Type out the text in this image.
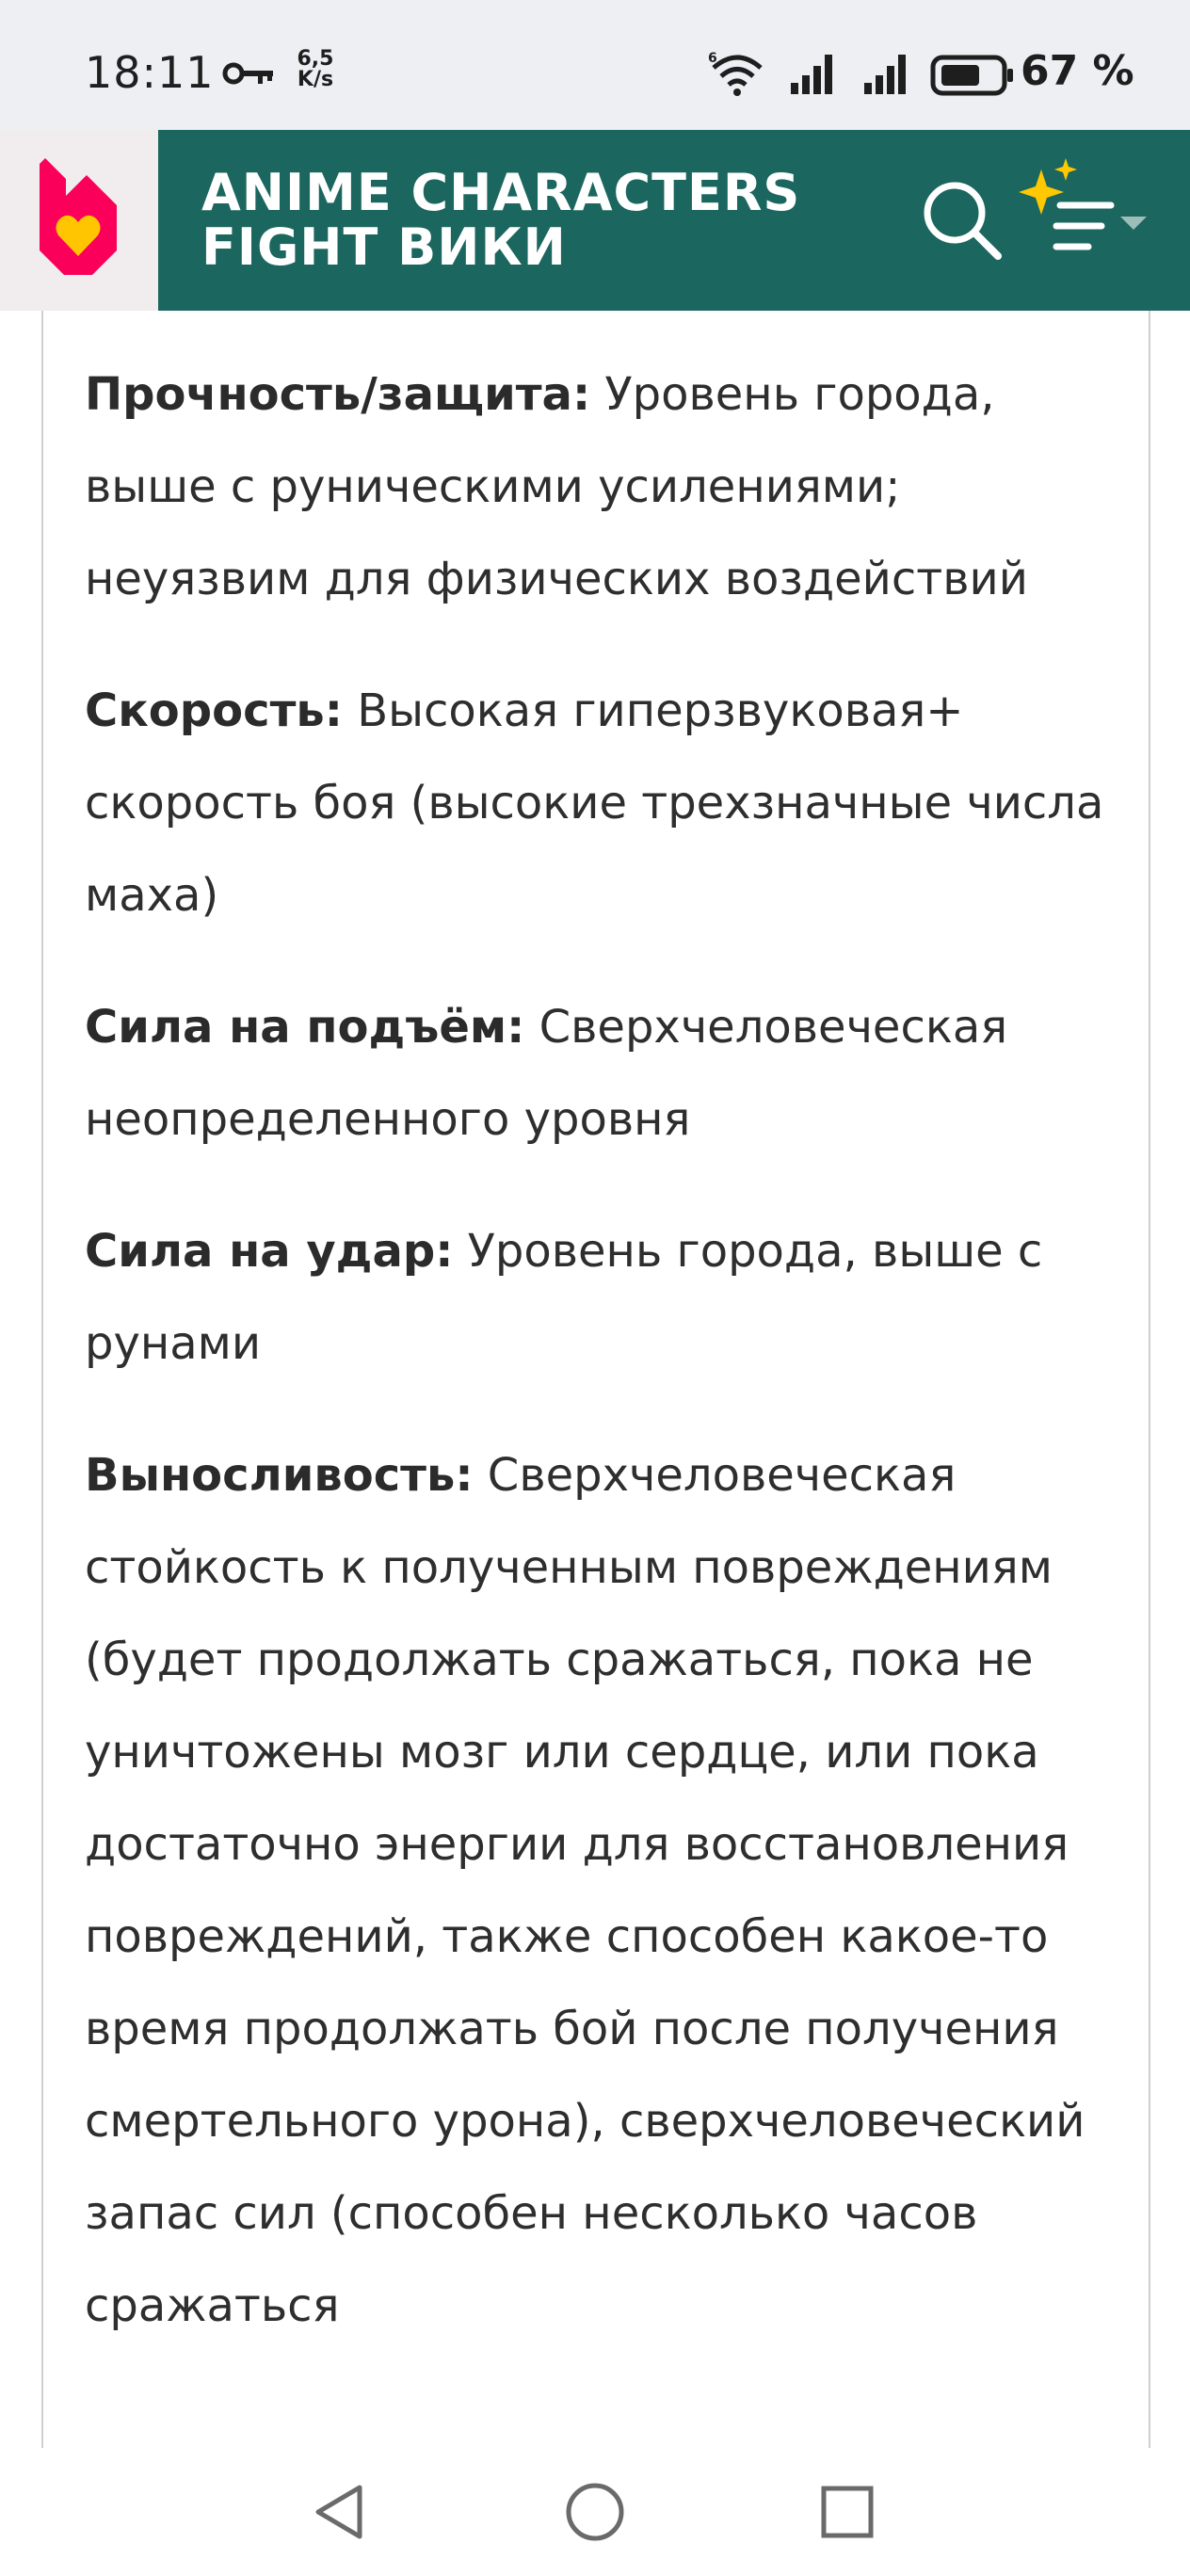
18:11	6,5
K/s
6	67 %
ANIME CHARACTERS
FIGHT ВИКИ

Прочность/защита: Уровень города, выше с руническими усилениями; неуязвим для физических воздействий

Скорость: Высокая гиперзвуковая+ скорость боя (высокие трехзначные числа маха)

Сила на подъём: Сверхчеловеческая неопределенного уровня

Сила на удар: Уровень города, выше с рунами

Выносливость: Сверхчеловеческая стойкость к полученным повреждениям (будет продолжать сражаться, пока не уничтожены мозг или сердце, или пока достаточно энергии для восстановления повреждений, также способен какое-то время продолжать бой после получения смертельного урона), сверхчеловеческий запас сил (способен несколько часов сражаться
